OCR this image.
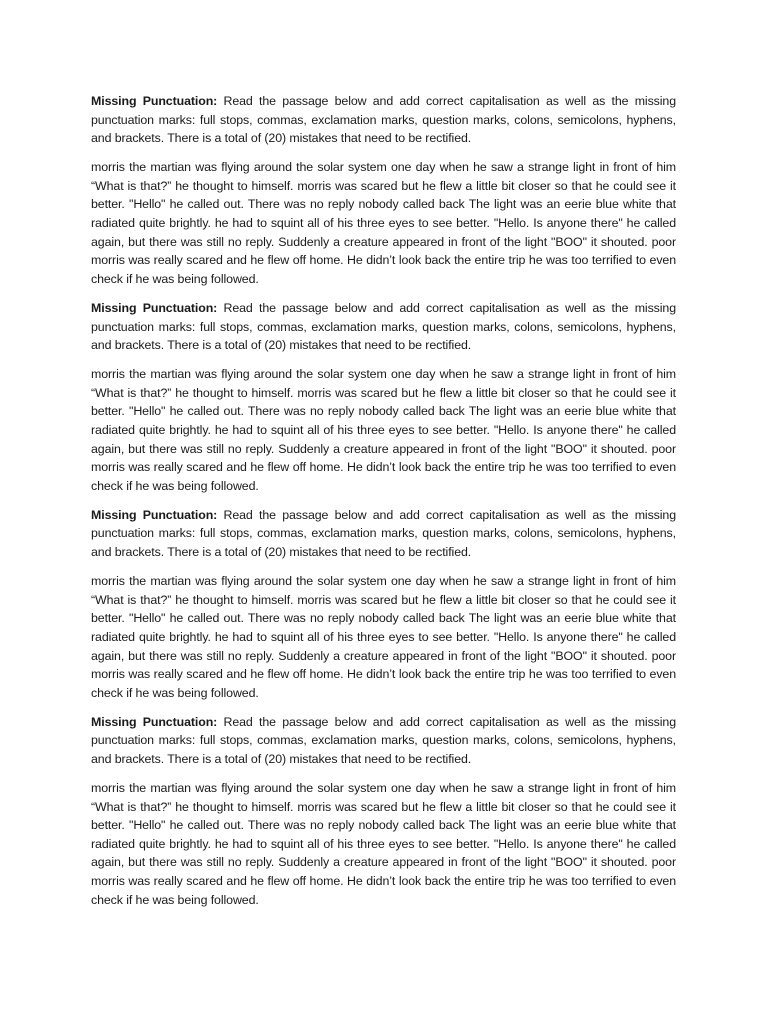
Missing Punctuation: Read the passage below and add correct capitalisation as well as the missing punctuation marks: full stops, commas, exclamation marks, question marks, colons, semicolons, hyphens, and brackets. There is a total of (20) mistakes that need to be rectified.

morris the martian was flying around the solar system one day when he saw a strange light in front of him “What is that?” he thought to himself. morris was scared but he flew a little bit closer so that he could see it better. "Hello" he called out. There was no reply nobody called back The light was an eerie blue white that radiated quite brightly. he had to squint all of his three eyes to see better. "Hello. Is anyone there" he called again, but there was still no reply. Suddenly a creature appeared in front of the light "BOO" it shouted. poor morris was really scared and he flew off home. He didn’t look back the entire trip he was too terrified to even check if he was being followed.

Missing Punctuation: Read the passage below and add correct capitalisation as well as the missing punctuation marks: full stops, commas, exclamation marks, question marks, colons, semicolons, hyphens, and brackets. There is a total of (20) mistakes that need to be rectified.

morris the martian was flying around the solar system one day when he saw a strange light in front of him “What is that?” he thought to himself. morris was scared but he flew a little bit closer so that he could see it better. "Hello" he called out. There was no reply nobody called back The light was an eerie blue white that radiated quite brightly. he had to squint all of his three eyes to see better. "Hello. Is anyone there" he called again, but there was still no reply. Suddenly a creature appeared in front of the light "BOO" it shouted. poor morris was really scared and he flew off home. He didn’t look back the entire trip he was too terrified to even check if he was being followed.

Missing Punctuation: Read the passage below and add correct capitalisation as well as the missing punctuation marks: full stops, commas, exclamation marks, question marks, colons, semicolons, hyphens, and brackets. There is a total of (20) mistakes that need to be rectified.

morris the martian was flying around the solar system one day when he saw a strange light in front of him “What is that?” he thought to himself. morris was scared but he flew a little bit closer so that he could see it better. "Hello" he called out. There was no reply nobody called back The light was an eerie blue white that radiated quite brightly. he had to squint all of his three eyes to see better. "Hello. Is anyone there" he called again, but there was still no reply. Suddenly a creature appeared in front of the light "BOO" it shouted. poor morris was really scared and he flew off home. He didn’t look back the entire trip he was too terrified to even check if he was being followed.

Missing Punctuation: Read the passage below and add correct capitalisation as well as the missing punctuation marks: full stops, commas, exclamation marks, question marks, colons, semicolons, hyphens, and brackets. There is a total of (20) mistakes that need to be rectified.

morris the martian was flying around the solar system one day when he saw a strange light in front of him “What is that?” he thought to himself. morris was scared but he flew a little bit closer so that he could see it better. "Hello" he called out. There was no reply nobody called back The light was an eerie blue white that radiated quite brightly. he had to squint all of his three eyes to see better. "Hello. Is anyone there" he called again, but there was still no reply. Suddenly a creature appeared in front of the light "BOO" it shouted. poor morris was really scared and he flew off home. He didn’t look back the entire trip he was too terrified to even check if he was being followed.
